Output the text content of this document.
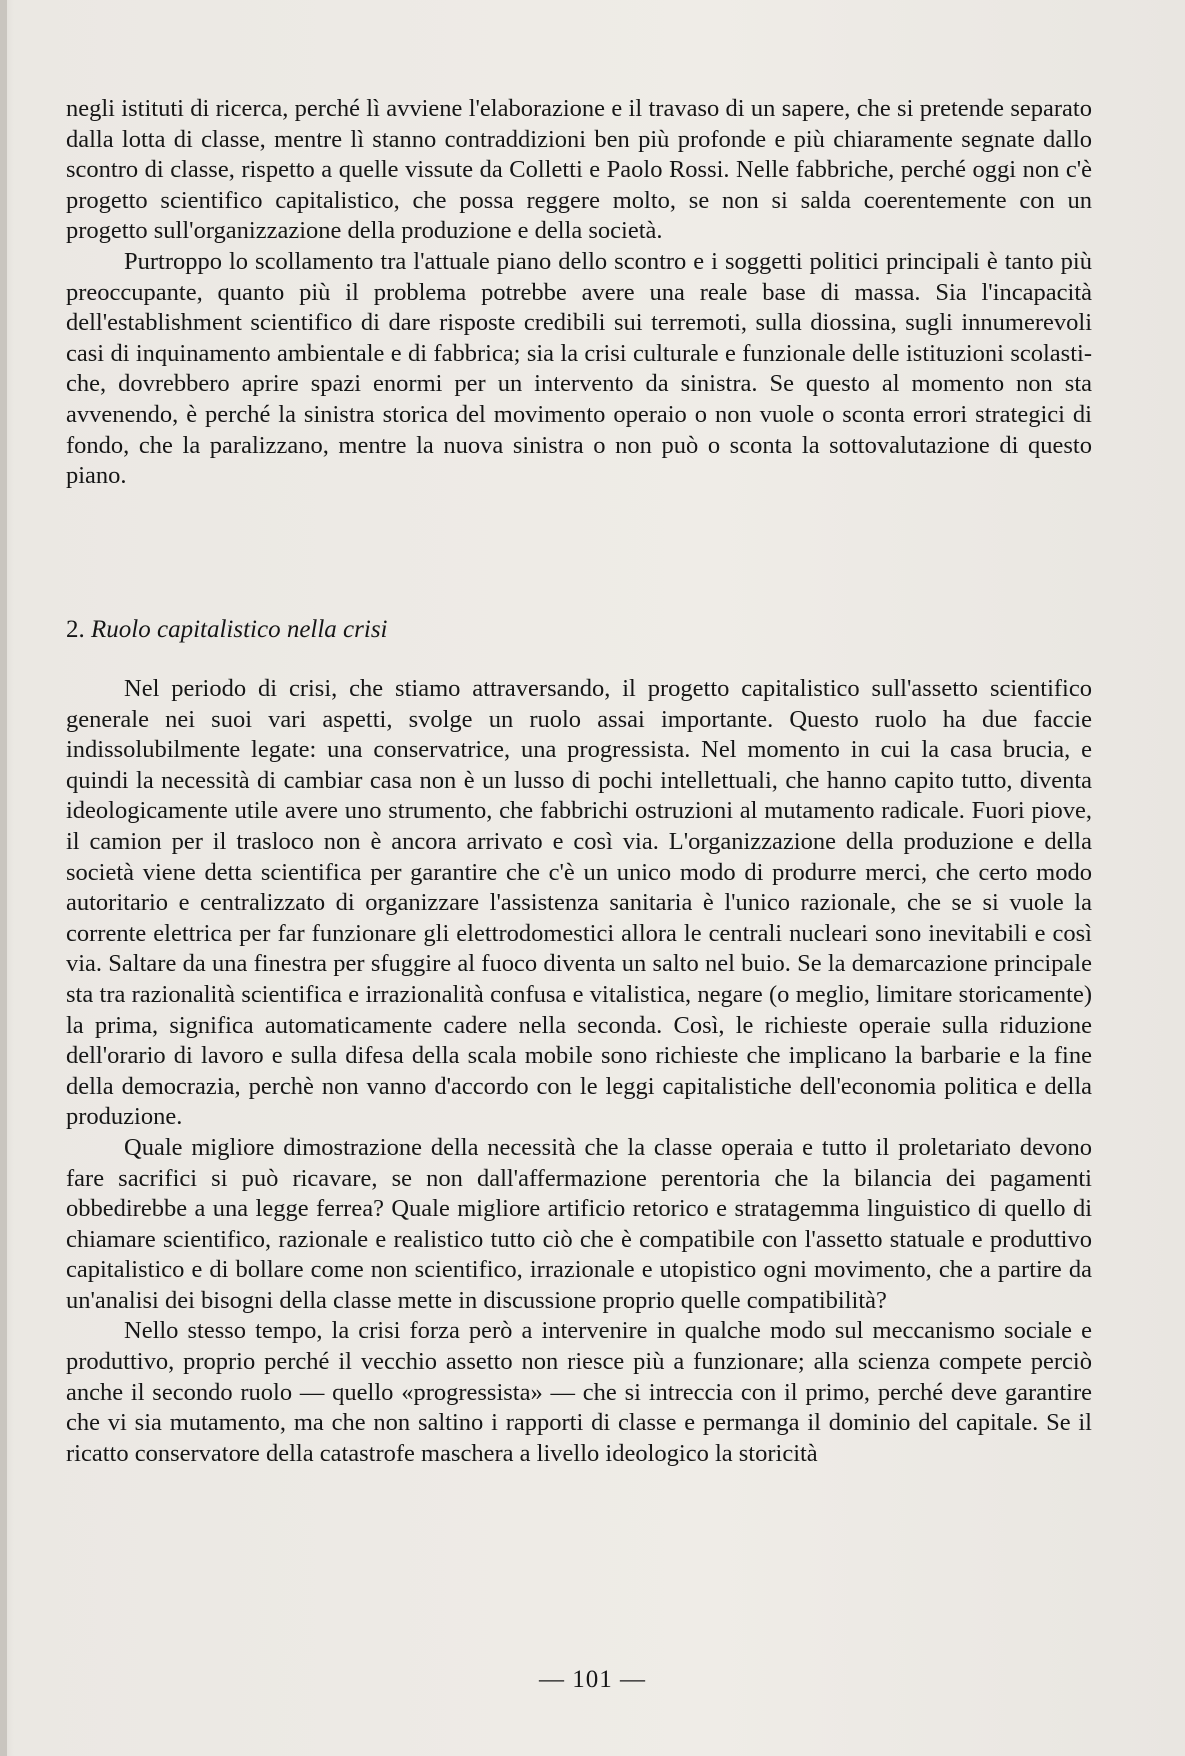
negli istituti di ricerca, perché lì avviene l'elaborazione e il travaso di un sapere, che si pretende separato dalla lotta di classe, mentre lì stanno contraddizioni ben più profonde e più chiaramente segnate dallo scontro di classe, rispetto a quelle vissute da Colletti e Paolo Rossi. Nelle fabbriche, perché oggi non c'è progetto scientifico capitalistico, che possa reggere molto, se non si salda coerentemente con un progetto sull'organizzazione della produzione e della società.

Purtroppo lo scollamento tra l'attuale piano dello scontro e i soggetti politici principali è tanto più preoccupante, quanto più il problema potrebbe avere una reale base di massa. Sia l'incapacità dell'establishment scientifico di dare risposte credibili sui terremoti, sulla diossina, sugli innumerevoli casi di inquinamento ambientale e di fabbrica; sia la crisi culturale e funzionale delle istituzioni scolastiche, dovrebbero aprire spazi enormi per un intervento da sinistra. Se questo al momento non sta avvenendo, è perché la sinistra storica del movimento operaio o non vuole o sconta errori strategici di fondo, che la paralizzano, mentre la nuova sinistra o non può o sconta la sottovalutazione di questo piano.

2. Ruolo capitalistico nella crisi

Nel periodo di crisi, che stiamo attraversando, il progetto capitalistico sull'assetto scientifico generale nei suoi vari aspetti, svolge un ruolo assai importante. Questo ruolo ha due faccie indissolubilmente legate: una conservatrice, una progressista. Nel momento in cui la casa brucia, e quindi la necessità di cambiar casa non è un lusso di pochi intellettuali, che hanno capito tutto, diventa ideologicamente utile avere uno strumento, che fabbrichi ostruzioni al mutamento radicale. Fuori piove, il camion per il trasloco non è ancora arrivato e così via. L'organizzazione della produzione e della società viene detta scientifica per garantire che c'è un unico modo di produrre merci, che certo modo autoritario e centralizzato di organizzare l'assistenza sanitaria è l'unico razionale, che se si vuole la corrente elettrica per far funzionare gli elettrodomestici allora le centrali nucleari sono inevitabili e così via. Saltare da una finestra per sfuggire al fuoco diventa un salto nel buio. Se la demarcazione principale sta tra razionalità scientifica e irrazionalità confusa e vitalistica, negare (o meglio, limitare storicamente) la prima, significa automaticamente cadere nella seconda. Così, le richieste operaie sulla riduzione dell'orario di lavoro e sulla difesa della scala mobile sono richieste che implicano la barbarie e la fine della democrazia, perchè non vanno d'accordo con le leggi capitalistiche dell'economia politica e della produzione.

Quale migliore dimostrazione della necessità che la classe operaia e tutto il proletariato devono fare sacrifici si può ricavare, se non dall'affermazione perentoria che la bilancia dei pagamenti obbedirebbe a una legge ferrea? Quale migliore artificio retorico e stratagemma linguistico di quello di chiamare scientifico, razionale e realistico tutto ciò che è compatibile con l'assetto statuale e produttivo capitalistico e di bollare come non scientifico, irrazionale e utopistico ogni movimento, che a partire da un'analisi dei bisogni della classe mette in discussione proprio quelle compatibilità?

Nello stesso tempo, la crisi forza però a intervenire in qualche modo sul meccanismo sociale e produttivo, proprio perché il vecchio assetto non riesce più a funzionare; alla scienza compete perciò anche il secondo ruolo — quello «progressista» — che si intreccia con il primo, perché deve garantire che vi sia mutamento, ma che non saltino i rapporti di classe e permanga il dominio del capitale. Se il ricatto conservatore della catastrofe maschera a livello ideologico la storicità

— 101 —
